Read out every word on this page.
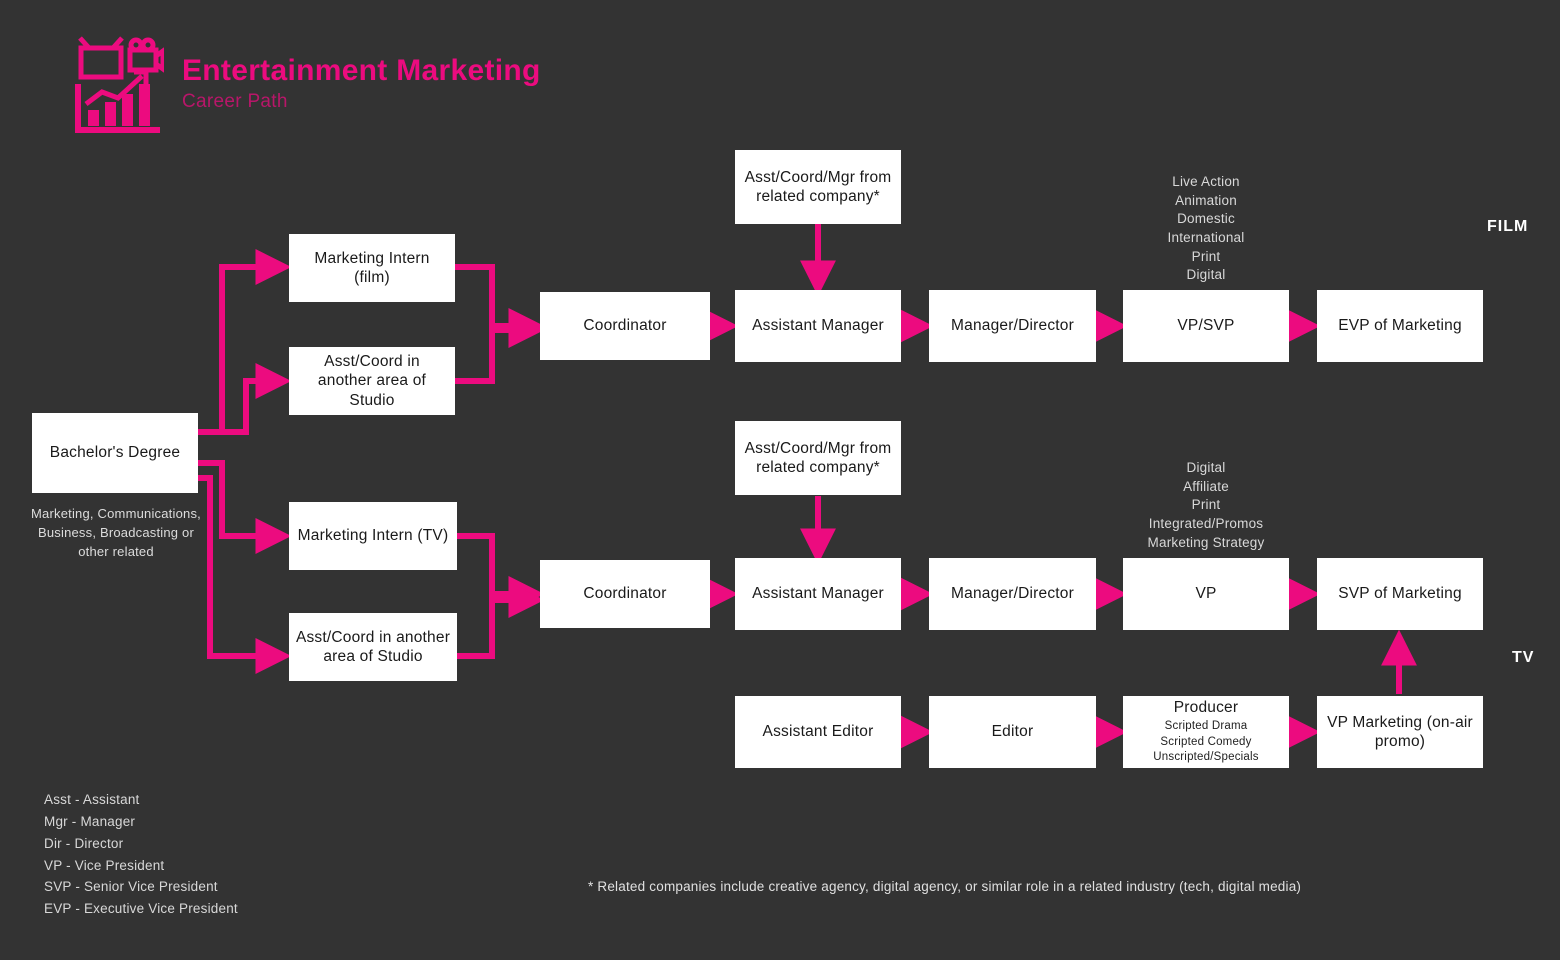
Entertainment Marketing
Career Path
FILM
TV
Bachelor's Degree
Marketing, Communications, Business, Broadcasting or other related
Marketing Intern (film)
Asst/Coord in another area of Studio
Coordinator
Asst/Coord/Mgr from related company*
Assistant Manager	Manager/Director	VP/SVP	EVP of Marketing
Live Action
Animation
Domestic
International
Print
Digital
Marketing Intern (TV)
Asst/Coord in another area of Studio
Coordinator
Asst/Coord/Mgr from related company*
Assistant Manager	Manager/Director	VP	SVP of Marketing
Digital
Affiliate
Print
Integrated/Promos
Marketing Strategy
Assistant Editor	Editor
Producer
Scripted Drama
Scripted Comedy
Unscripted/Specials
VP Marketing (on-air promo)
Asst - Assistant
Mgr - Manager
Dir - Director
VP - Vice President
SVP - Senior Vice President
EVP - Executive Vice President
* Related companies include creative agency, digital agency, or similar role in a related industry (tech, digital media)
